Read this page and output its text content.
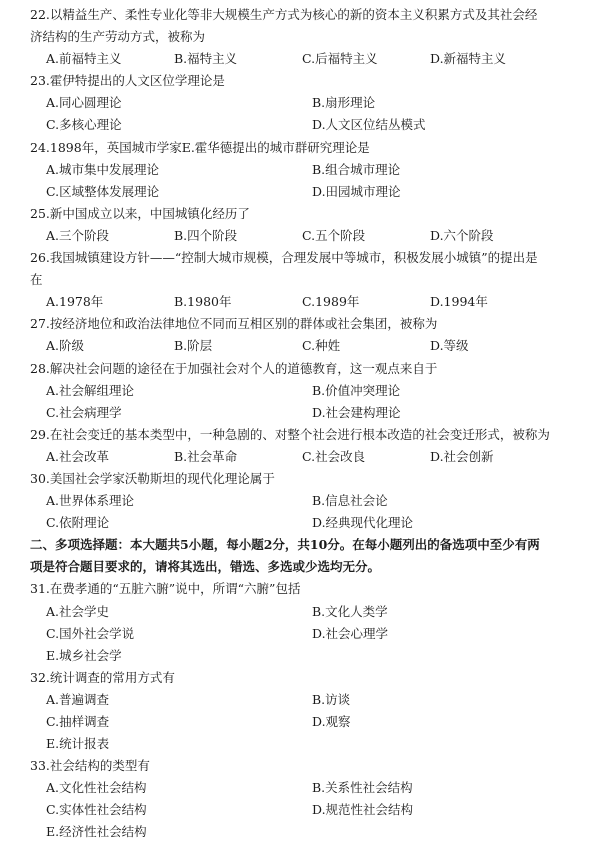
22.以精益生产、柔性专业化等非大规模生产方式为核心的新的资本主义积累方式及其社会经
济结构的生产劳动方式，被称为
A.前福特主义	B.福特主义	C.后福特主义	D.新福特主义
23.霍伊特提出的人文区位学理论是
A.同心圆理论	B.扇形理论
C.多核心理论	D.人文区位结丛模式
24.1898年，英国城市学家E.霍华德提出的城市群研究理论是
A.城市集中发展理论	B.组合城市理论
C.区域整体发展理论	D.田园城市理论
25.新中国成立以来，中国城镇化经历了
A.三个阶段	B.四个阶段	C.五个阶段	D.六个阶段
26.我国城镇建设方针——“控制大城市规模，合理发展中等城市，积极发展小城镇”的提出是
在
A.1978年	B.1980年	C.1989年	D.1994年
27.按经济地位和政治法律地位不同而互相区别的群体或社会集团，被称为
A.阶级	B.阶层	C.种姓	D.等级
28.解决社会问题的途径在于加强社会对个人的道德教育，这一观点来自于
A.社会解组理论	B.价值冲突理论
C.社会病理学	D.社会建构理论
29.在社会变迁的基本类型中，一种急剧的、对整个社会进行根本改造的社会变迁形式，被称为
A.社会改革	B.社会革命	C.社会改良	D.社会创新
30.美国社会学家沃勒斯坦的现代化理论属于
A.世界体系理论	B.信息社会论
C.依附理论	D.经典现代化理论
二、多项选择题：本大题共5小题，每小题2分，共10分。在每小题列出的备选项中至少有两
项是符合题目要求的，请将其选出，错选、多选或少选均无分。
31.在费孝通的“五脏六腑”说中，所谓“六腑”包括
A.社会学史	B.文化人类学
C.国外社会学说	D.社会心理学
E.城乡社会学
32.统计调查的常用方式有
A.普遍调查	B.访谈
C.抽样调查	D.观察
E.统计报表
33.社会结构的类型有
A.文化性社会结构	B.关系性社会结构
C.实体性社会结构	D.规范性社会结构
E.经济性社会结构
